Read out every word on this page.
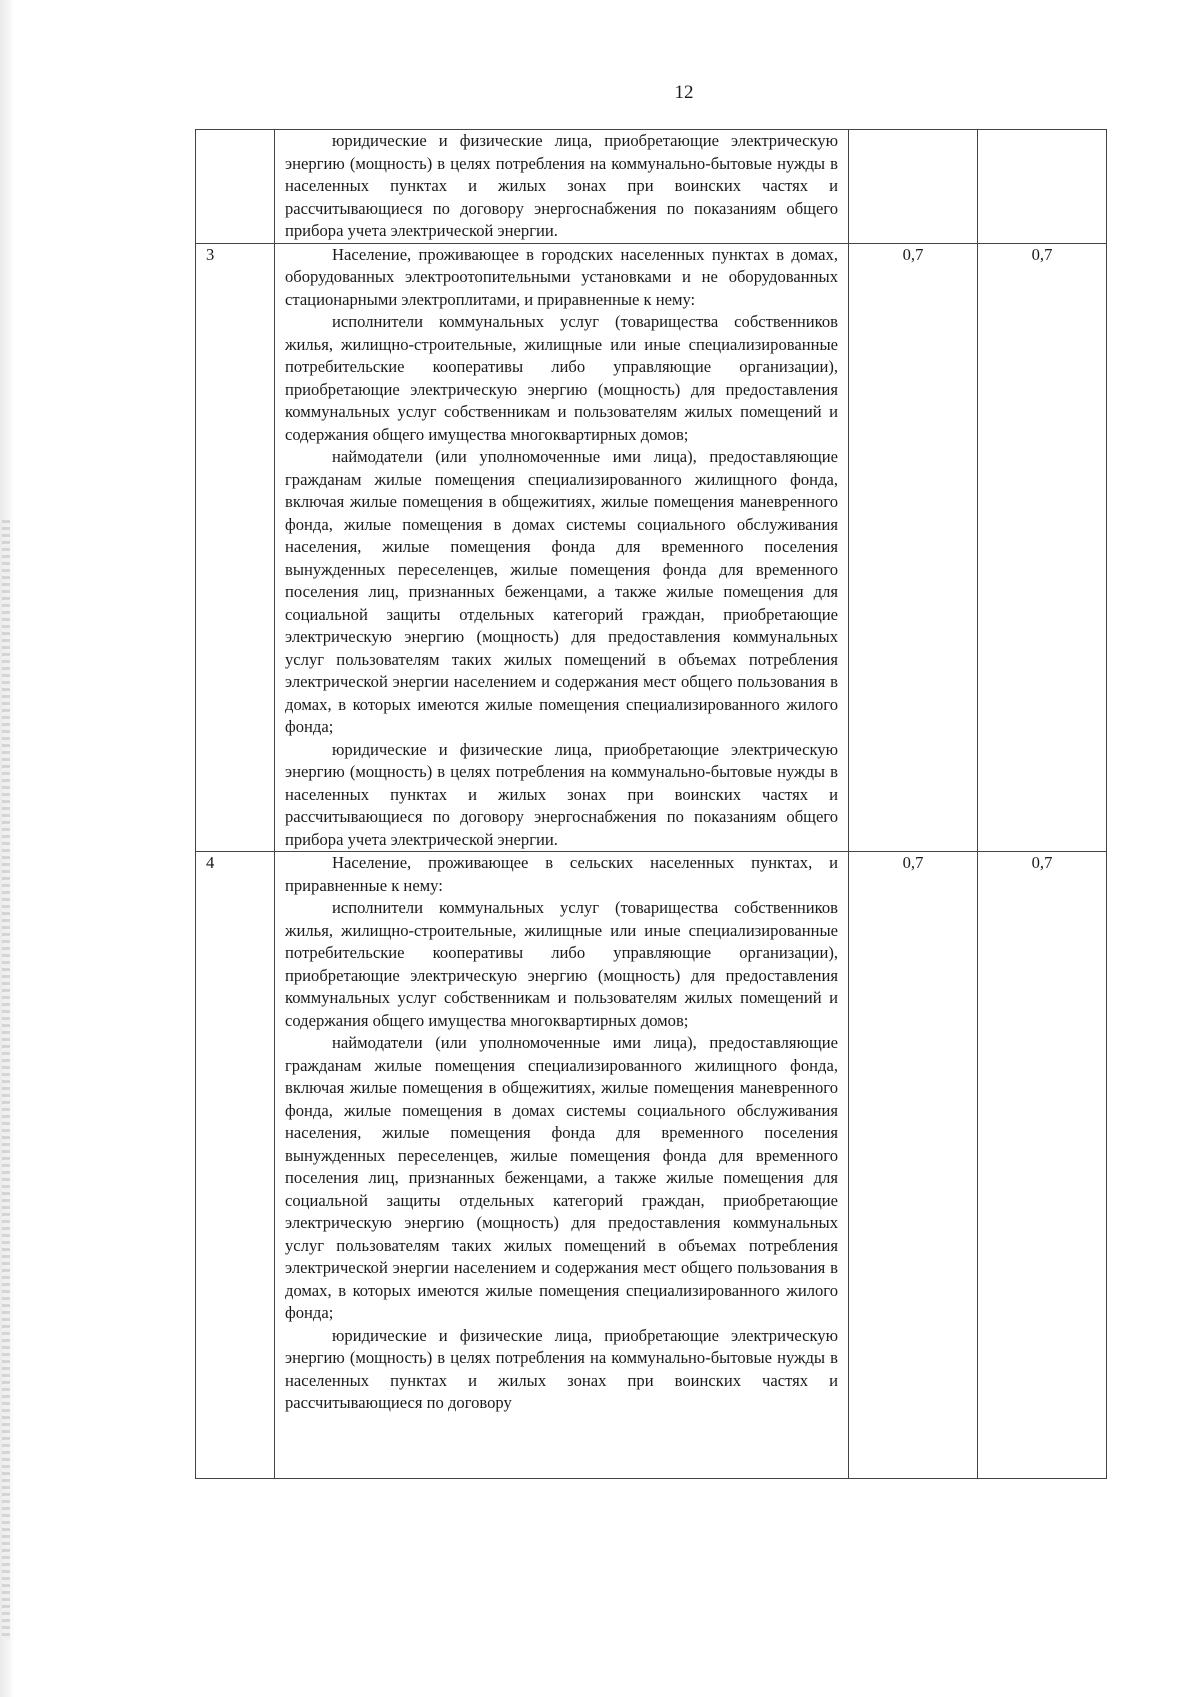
12

	юридические и физические лица, приобретающие электрическую энергию (мощность) в целях потребления на коммунально-бытовые нужды в населенных пунктах и жилых зонах при воинских частях и рассчитывающиеся по договору энергоснабжения по показаниям общего прибора учета электрической энергии.		

3	Население, проживающее в городских населенных пунктах в домах, оборудованных электроотопительными установками и не оборудованных стационарными электроплитами, и приравненные к нему:

исполнители коммунальных услуг (товарищества собственников жилья, жилищно-строительные, жилищные или иные специализированные потребительские кооперативы либо управляющие организации), приобретающие электрическую энергию (мощность) для предоставления коммунальных услуг собственникам и пользователям жилых помещений и содержания общего имущества многоквартирных домов;

наймодатели (или уполномоченные ими лица), предоставляющие гражданам жилые помещения специализированного жилищного фонда, включая жилые помещения в общежитиях, жилые помещения маневренного фонда, жилые помещения в домах системы социального обслуживания населения, жилые помещения фонда для временного поселения вынужденных переселенцев, жилые помещения фонда для временного поселения лиц, признанных беженцами, а также жилые помещения для социальной защиты отдельных категорий граждан, приобретающие электрическую энергию (мощность) для предоставления коммунальных услуг пользователям таких жилых помещений в объемах потребления электрической энергии населением и содержания мест общего пользования в домах, в которых имеются жилые помещения специализированного жилого фонда;

юридические и физические лица, приобретающие электрическую энергию (мощность) в целях потребления на коммунально-бытовые нужды в населенных пунктах и жилых зонах при воинских частях и рассчитывающиеся по договору энергоснабжения по показаниям общего прибора учета электрической энергии.	0,7	0,7
4	Население, проживающее в сельских населенных пунктах, и приравненные к нему:

исполнители коммунальных услуг (товарищества собственников жилья, жилищно-строительные, жилищные или иные специализированные потребительские кооперативы либо управляющие организации), приобретающие электрическую энергию (мощность) для предоставления коммунальных услуг собственникам и пользователям жилых помещений и содержания общего имущества многоквартирных домов;

наймодатели (или уполномоченные ими лица), предоставляющие гражданам жилые помещения специализированного жилищного фонда, включая жилые помещения в общежитиях, жилые помещения маневренного фонда, жилые помещения в домах системы социального обслуживания населения, жилые помещения фонда для временного поселения вынужденных переселенцев, жилые помещения фонда для временного поселения лиц, признанных беженцами, а также жилые помещения для социальной защиты отдельных категорий граждан, приобретающие электрическую энергию (мощность) для предоставления коммунальных услуг пользователям таких жилых помещений в объемах потребления электрической энергии населением и содержания мест общего пользования в домах, в которых имеются жилые помещения специализированного жилого фонда;

юридические и физические лица, приобретающие электрическую энергию (мощность) в целях потребления на коммунально-бытовые нужды в населенных пунктах и жилых зонах при воинских частях и рассчитывающиеся по договору	0,7	0,7
